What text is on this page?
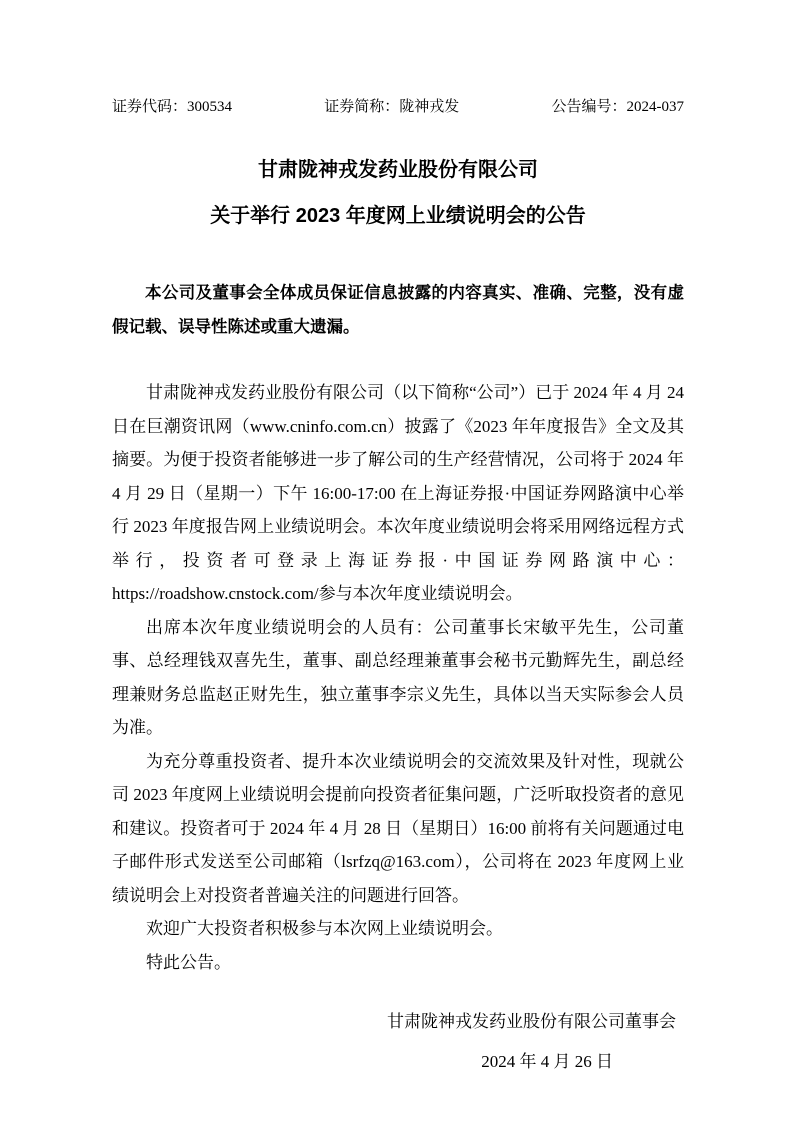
证券代码：300534	证券简称：陇神戎发	公告编号：2024-037
甘肃陇神戎发药业股份有限公司
关于举行 2023 年度网上业绩说明会的公告

本公司及董事会全体成员保证信息披露的内容真实、准确、完整，没有虚假记载、误导性陈述或重大遗漏。

甘肃陇神戎发药业股份有限公司（以下简称“公司”）已于 2024 年 4 月 24 日在巨潮资讯网（www.cninfo.com.cn）披露了《2023 年年度报告》全文及其摘要。为便于投资者能够进一步了解公司的生产经营情况，公司将于 2024 年 4 月 29 日（星期一）下午 16:00-17:00 在上海证券报·中国证券网路演中心举行 2023 年度报告网上业绩说明会。本次年度业绩说明会将采用网络远程方式举行，投资者可登录上海证券报·中国证券网路演中心：https://roadshow.cnstock.com/参与本次年度业绩说明会。

出席本次年度业绩说明会的人员有：公司董事长宋敏平先生，公司董事、总经理钱双喜先生，董事、副总经理兼董事会秘书元勤辉先生，副总经理兼财务总监赵正财先生，独立董事李宗义先生，具体以当天实际参会人员为准。

为充分尊重投资者、提升本次业绩说明会的交流效果及针对性，现就公司 2023 年度网上业绩说明会提前向投资者征集问题，广泛听取投资者的意见和建议。投资者可于 2024 年 4 月 28 日（星期日）16:00 前将有关问题通过电子邮件形式发送至公司邮箱（lsrfzq@163.com），公司将在 2023 年度网上业绩说明会上对投资者普遍关注的问题进行回答。

欢迎广大投资者积极参与本次网上业绩说明会。

特此公告。

甘肃陇神戎发药业股份有限公司董事会

2024 年 4 月 26 日
